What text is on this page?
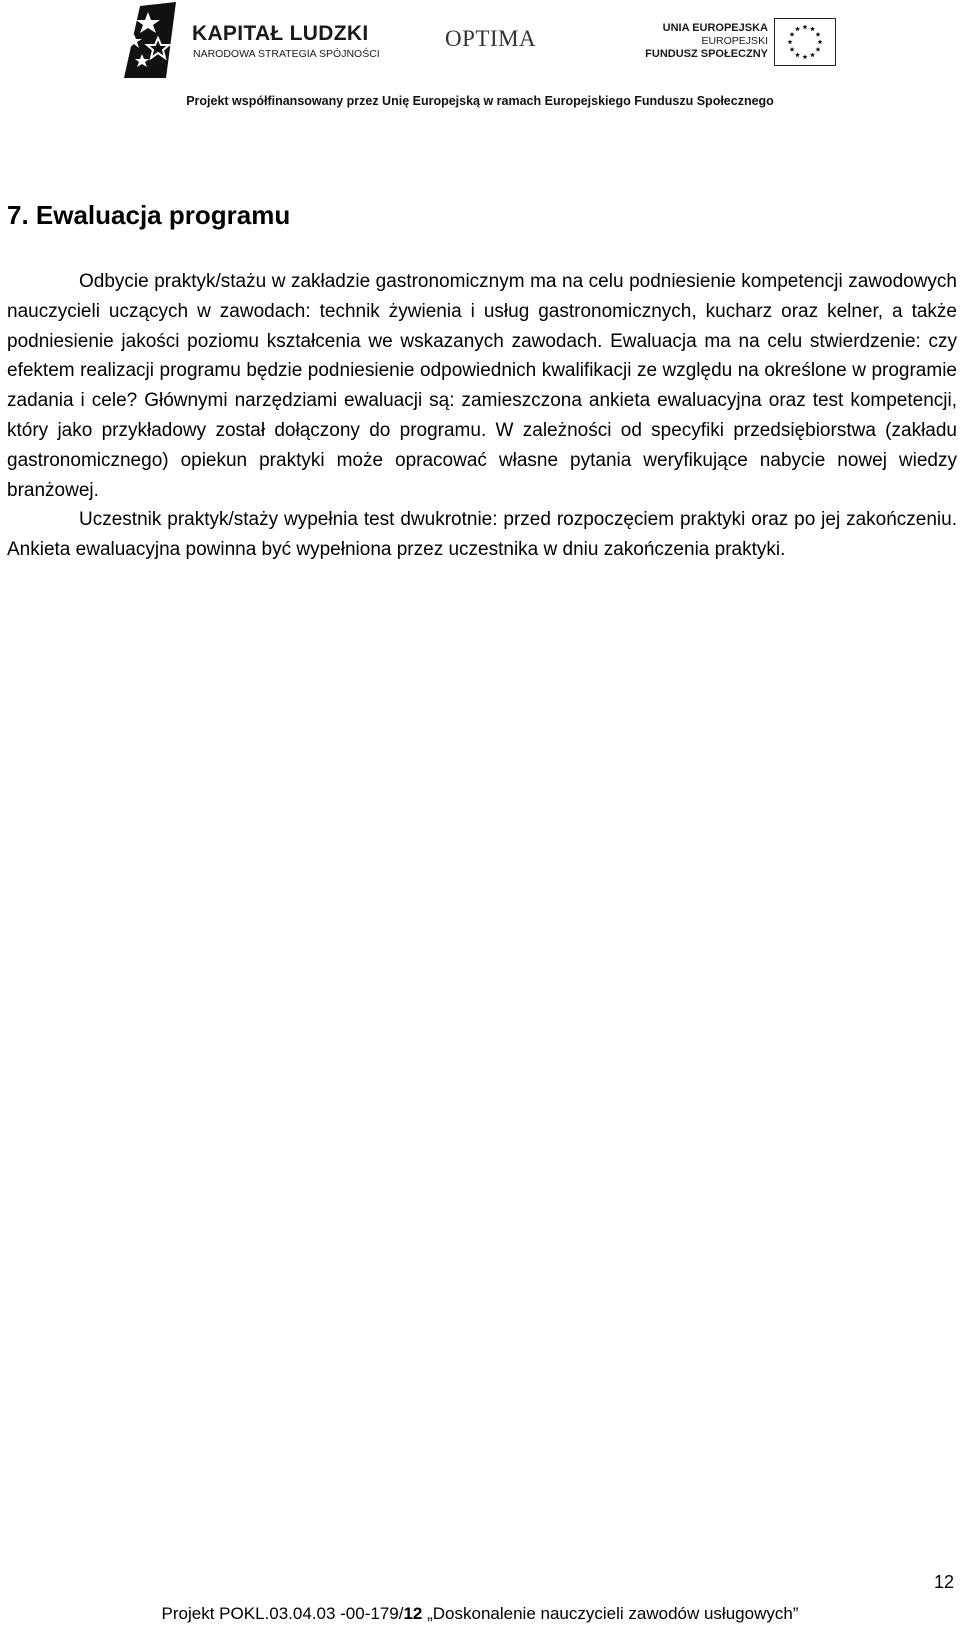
KAPITAŁ LUDZKI
NARODOWA STRATEGIA SPÓJNOŚCI
OPTIMA	UNIA EUROPEJSKA
EUROPEJSKI
FUNDUSZ SPOŁECZNY
Projekt współfinansowany przez Unię Europejską w ramach Europejskiego Funduszu Społecznego
7. Ewaluacja programu

Odbycie praktyk/stażu w zakładzie gastronomicznym ma na celu podniesienie kompetencji zawodowych nauczycieli uczących w zawodach: technik żywienia i usług gastronomicznych, kucharz oraz kelner, a także podniesienie jakości poziomu kształcenia we wskazanych zawodach. Ewaluacja ma na celu stwierdzenie: czy efektem realizacji programu będzie podniesienie odpowiednich kwalifikacji ze względu na określone w programie zadania i cele? Głównymi narzędziami ewaluacji są: zamieszczona ankieta ewaluacyjna oraz test kompetencji, który jako przykładowy został dołączony do programu. W zależności od specyfiki przedsiębiorstwa (zakładu gastronomicznego) opiekun praktyki może opracować własne pytania weryfikujące nabycie nowej wiedzy branżowej.

Uczestnik praktyk/staży wypełnia test dwukrotnie: przed rozpoczęciem praktyki oraz po jej zakończeniu. Ankieta ewaluacyjna powinna być wypełniona przez uczestnika w dniu zakończenia praktyki.

12
Projekt POKL.03.04.03 -00-179/12 „Doskonalenie nauczycieli zawodów usługowych”
